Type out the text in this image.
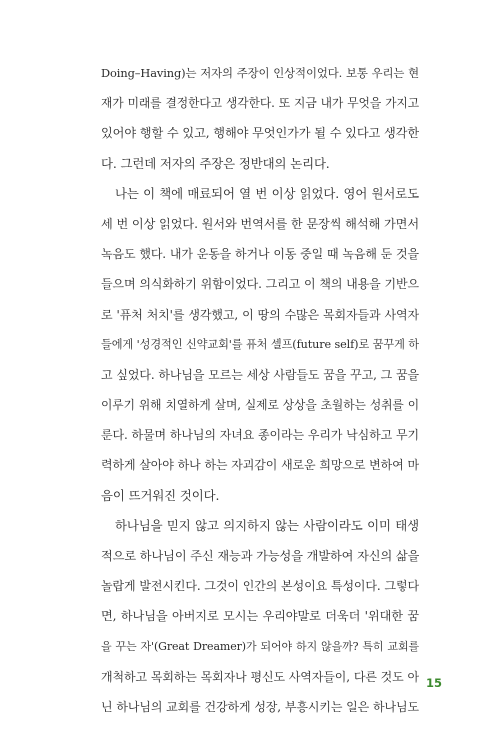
Doing–Having)는 저자의 주장이 인상적이었다. 보통 우리는 현
재가 미래를 결정한다고 생각한다. 또 지금 내가 무엇을 가지고
있어야 행할 수 있고, 행해야 무엇인가가 될 수 있다고 생각한
다. 그런데 저자의 주장은 정반대의 논리다.
나는 이 책에 매료되어 열 번 이상 읽었다. 영어 원서로도
세 번 이상 읽었다. 원서와 번역서를 한 문장씩 해석해 가면서
녹음도 했다. 내가 운동을 하거나 이동 중일 때 녹음해 둔 것을
들으며 의식화하기 위함이었다. 그리고 이 책의 내용을 기반으
로 '퓨처 처치'를 생각했고, 이 땅의 수많은 목회자들과 사역자
들에게 '성경적인 신약교회'를 퓨처 셀프(future self)로 꿈꾸게 하
고 싶었다. 하나님을 모르는 세상 사람들도 꿈을 꾸고, 그 꿈을
이루기 위해 치열하게 살며, 실제로 상상을 초월하는 성취를 이
룬다. 하물며 하나님의 자녀요 종이라는 우리가 낙심하고 무기
력하게 살아야 하나 하는 자괴감이 새로운 희망으로 변하여 마
음이 뜨거워진 것이다.
하나님을 믿지 않고 의지하지 않는 사람이라도 이미 태생
적으로 하나님이 주신 재능과 가능성을 개발하여 자신의 삶을
놀랍게 발전시킨다. 그것이 인간의 본성이요 특성이다. 그렇다
면, 하나님을 아버지로 모시는 우리야말로 더욱더 '위대한 꿈
을 꾸는 자'(Great Dreamer)가 되어야 하지 않을까? 특히 교회를
개척하고 목회하는 목회자나 평신도 사역자들이, 다른 것도 아
닌 하나님의 교회를 건강하게 성장, 부흥시키는 일은 하나님도
15
